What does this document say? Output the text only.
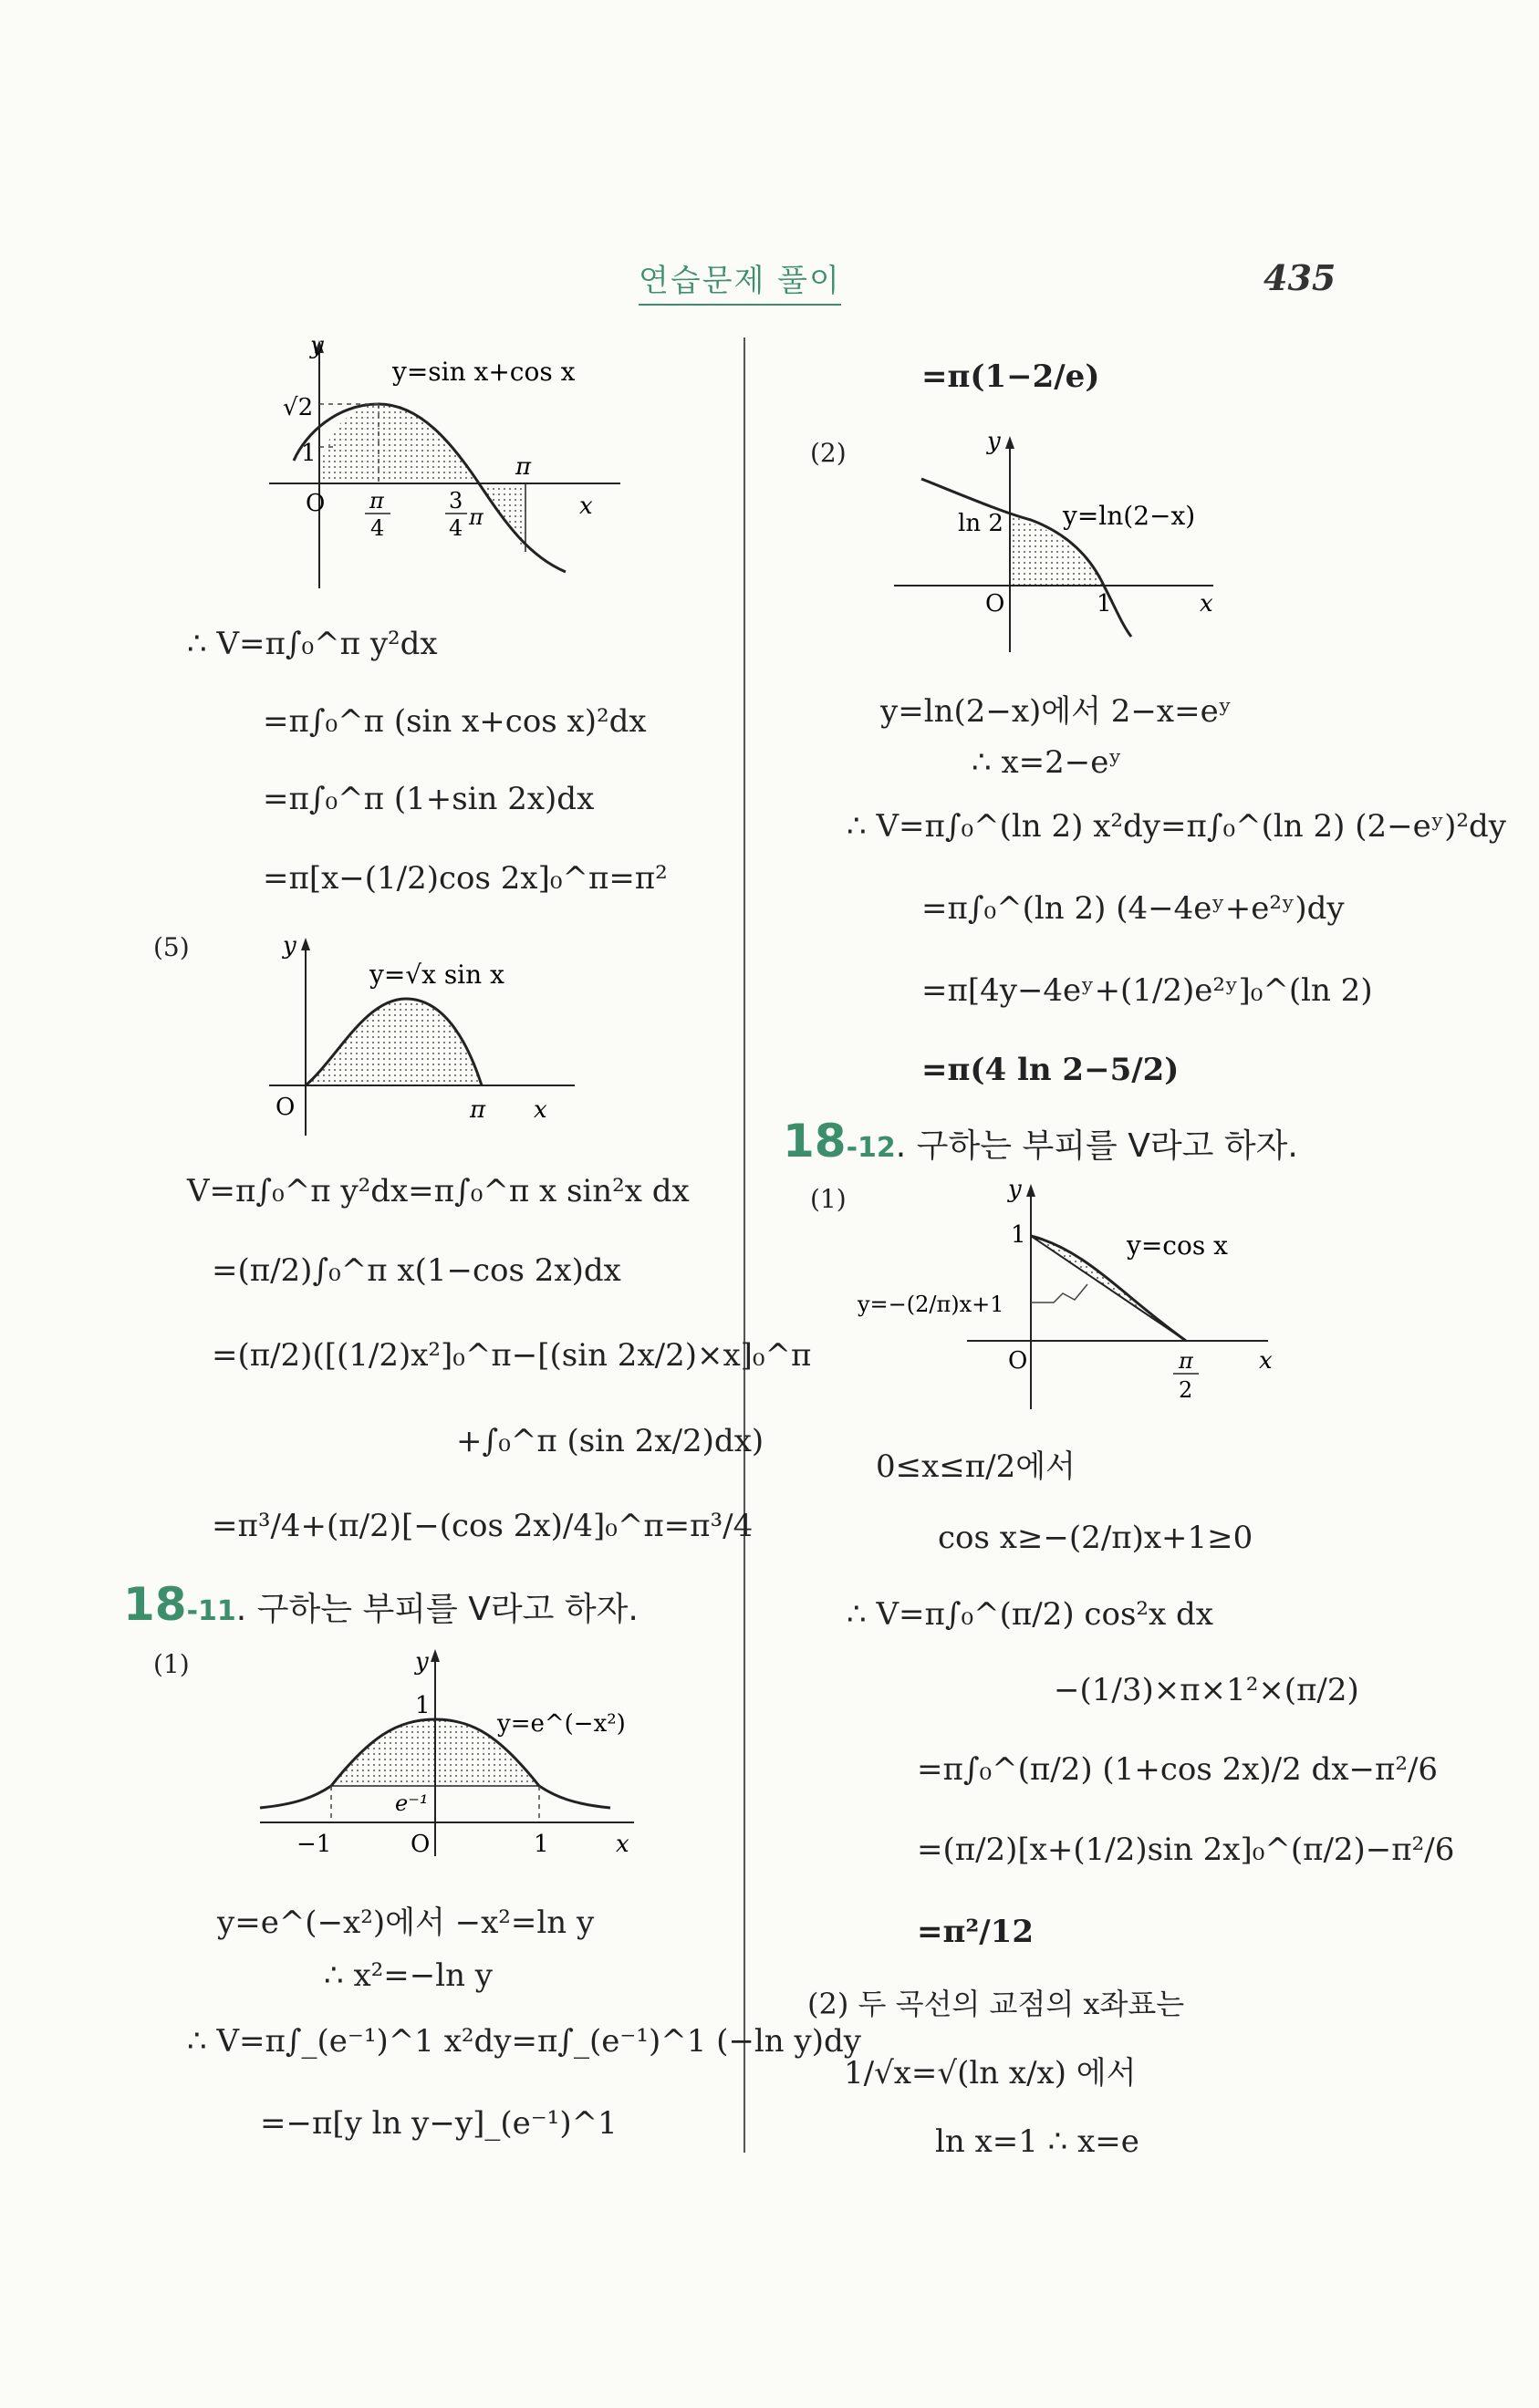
연습문제 풀이	435
y
√2
1
O
y=sin x+cos x
π
x
π
4
3
4 π
∴ V=π∫₀^π y²dx
=π∫₀^π (sin x+cos x)²dx
=π∫₀^π (1+sin 2x)dx
=π[x−(1/2)cos 2x]₀^π=π²
(5)	y
y=√x sin x
O	π x
V=π∫₀^π y²dx=π∫₀^π x sin²x dx
=(π/2)∫₀^π x(1−cos 2x)dx
=(π/2)([(1/2)x²]₀^π−[(sin 2x/2)×x]₀^π
+∫₀^π (sin 2x/2)dx)
=π³/4+(π/2)[−(cos 2x)/4]₀^π=π³/4
18-11. 구하는 부피를 V라고 하자.
(1)	y
1
y=e^(−x²)
e⁻¹
−1	O	1	x
y=e^(−x²)에서 −x²=ln y
∴ x²=−ln y
∴ V=π∫_(e⁻¹)^1 x²dy=π∫_(e⁻¹)^1 (−ln y)dy
=−π[y ln y−y]_(e⁻¹)^1
=π(1−2/e)
(2)	y
ln 2 y=ln(2−x)
O	1	x
y=ln(2−x)에서 2−x=eʸ
∴ x=2−eʸ
∴ V=π∫₀^(ln 2) x²dy=π∫₀^(ln 2) (2−eʸ)²dy
=π∫₀^(ln 2) (4−4eʸ+e²ʸ)dy
=π[4y−4eʸ+(1/2)e²ʸ]₀^(ln 2)
=π(4 ln 2−5/2)
18-12. 구하는 부피를 V라고 하자.
(1)	y
1	y=cos x
y=−(2/π)x+1
O	π
2
x
0≤x≤π/2에서
cos x≥−(2/π)x+1≥0
∴ V=π∫₀^(π/2) cos²x dx
−(1/3)×π×1²×(π/2)
=π∫₀^(π/2) (1+cos 2x)/2 dx−π²/6
=(π/2)[x+(1/2)sin 2x]₀^(π/2)−π²/6
=π²/12
(2) 두 곡선의 교점의 x좌표는
1/√x=√(ln x/x) 에서
ln x=1 ∴ x=e
